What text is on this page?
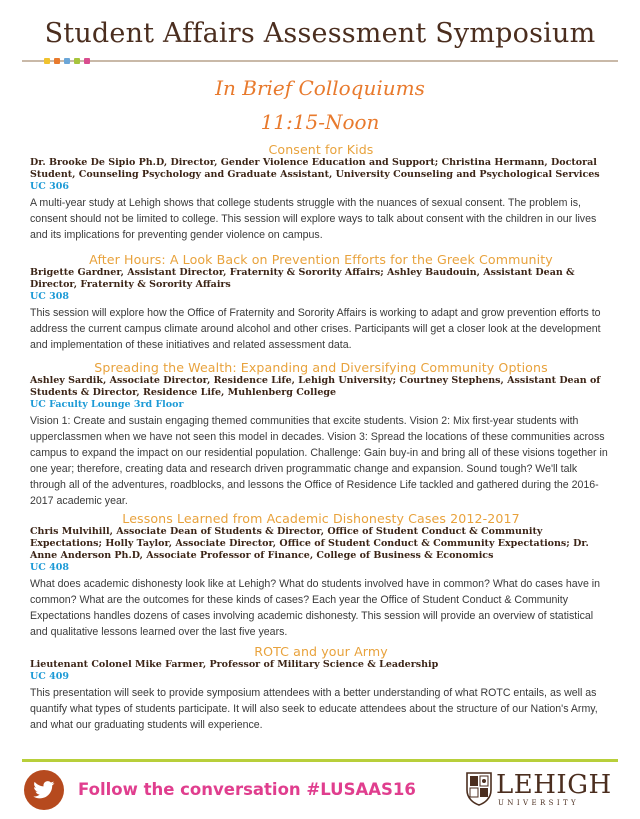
Student Affairs Assessment Symposium
In Brief Colloquiums
11:15-Noon
Consent for Kids
Dr. Brooke De Sipio Ph.D, Director, Gender Violence Education and Support; Christina Hermann, Doctoral Student, Counseling Psychology and Graduate Assistant, University Counseling and Psychological Services
UC 306
A multi-year study at Lehigh shows that college students struggle with the nuances of sexual consent. The problem is, consent should not be limited to college. This session will explore ways to talk about consent with the children in our lives and its implications for preventing gender violence on campus.
After Hours: A Look Back on Prevention Efforts for the Greek Community
Brigette Gardner, Assistant Director, Fraternity & Sorority Affairs; Ashley Baudouin, Assistant Dean & Director, Fraternity & Sorority Affairs
UC 308
This session will explore how the Office of Fraternity and Sorority Affairs is working to adapt and grow prevention efforts to address the current campus climate around alcohol and other crises. Participants will get a closer look at the development and implementation of these initiatives and related assessment data.
Spreading the Wealth: Expanding and Diversifying Community Options
Ashley Sardik, Associate Director, Residence Life, Lehigh University; Courtney Stephens, Assistant Dean of Students & Director, Residence Life, Muhlenberg College
UC Faculty Lounge 3rd Floor
Vision 1: Create and sustain engaging themed communities that excite students. Vision 2: Mix first-year students with upperclassmen when we have not seen this model in decades. Vision 3: Spread the locations of these communities across campus to expand the impact on our residential population. Challenge: Gain buy-in and bring all of these visions together in one year; therefore, creating data and research driven programmatic change and expansion. Sound tough? We'll talk through all of the adventures, roadblocks, and lessons the Office of Residence Life tackled and gathered during the 2016-2017 academic year.
Lessons Learned from Academic Dishonesty Cases 2012-2017
Chris Mulvihill, Associate Dean of Students & Director, Office of Student Conduct & Community Expectations; Holly Taylor, Associate Director, Office of Student Conduct & Community Expectations; Dr. Anne Anderson Ph.D, Associate Professor of Finance, College of Business & Economics
UC 408
What does academic dishonesty look like at Lehigh? What do students involved have in common? What do cases have in common? What are the outcomes for these kinds of cases? Each year the Office of Student Conduct & Community Expectations handles dozens of cases involving academic dishonesty. This session will provide an overview of statistical and qualitative lessons learned over the last five years.
ROTC and your Army
Lieutenant Colonel Mike Farmer, Professor of Military Science & Leadership
UC 409
This presentation will seek to provide symposium attendees with a better understanding of what ROTC entails, as well as quantify what types of students participate. It will also seek to educate attendees about the structure of our Nation's Army, and what our graduating students will experience.
Follow the conversation #LUSAAS16	LEHIGH
UNIVERSITY
